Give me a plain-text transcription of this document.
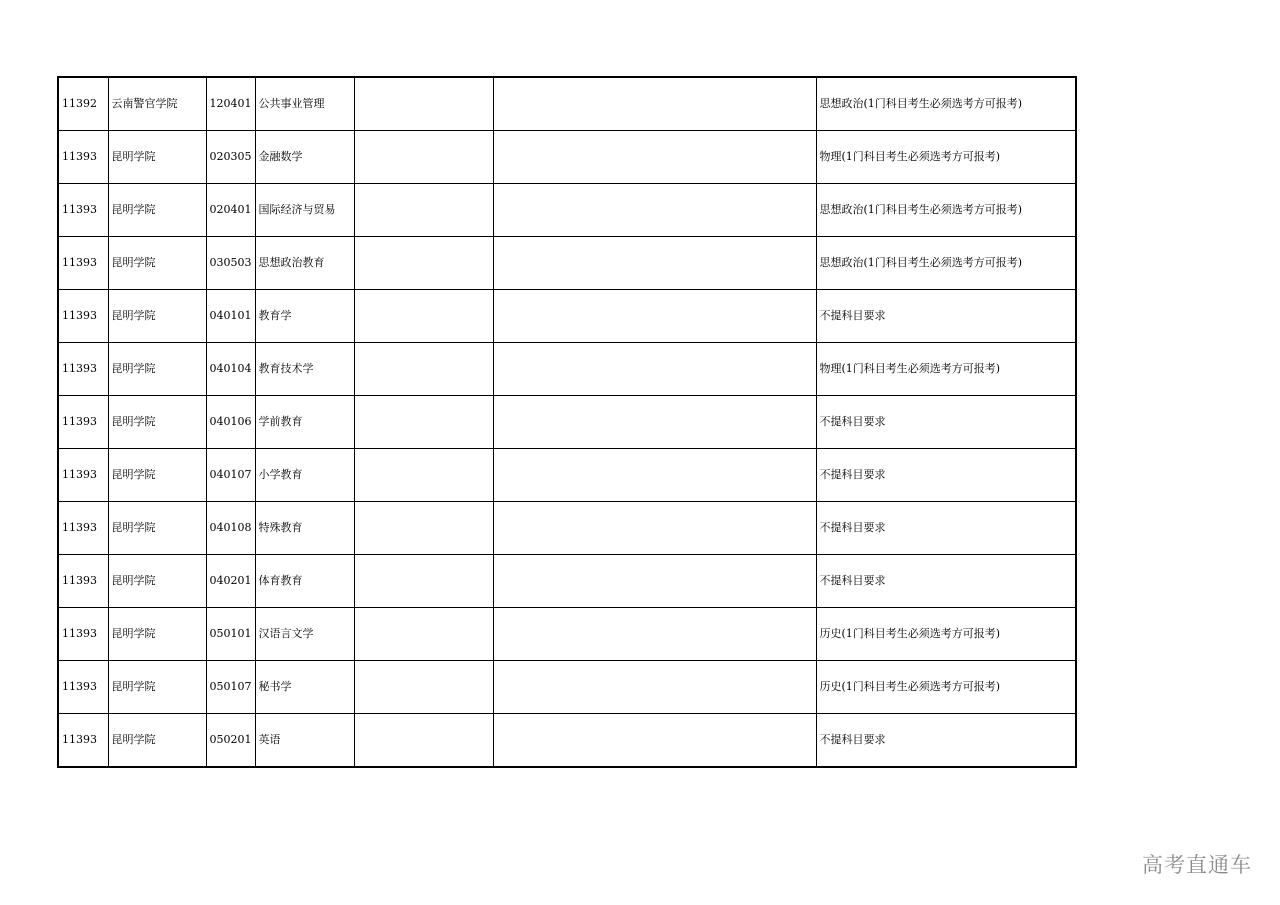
11392	云南警官学院	120401	公共事业管理			思想政治(1门科目考生必须选考方可报考)
11393	昆明学院	020305	金融数学			物理(1门科目考生必须选考方可报考)
11393	昆明学院	020401	国际经济与贸易			思想政治(1门科目考生必须选考方可报考)
11393	昆明学院	030503	思想政治教育			思想政治(1门科目考生必须选考方可报考)
11393	昆明学院	040101	教育学			不提科目要求
11393	昆明学院	040104	教育技术学			物理(1门科目考生必须选考方可报考)
11393	昆明学院	040106	学前教育			不提科目要求
11393	昆明学院	040107	小学教育			不提科目要求
11393	昆明学院	040108	特殊教育			不提科目要求
11393	昆明学院	040201	体育教育			不提科目要求
11393	昆明学院	050101	汉语言文学			历史(1门科目考生必须选考方可报考)
11393	昆明学院	050107	秘书学			历史(1门科目考生必须选考方可报考)
11393	昆明学院	050201	英语			不提科目要求
高考直通车
